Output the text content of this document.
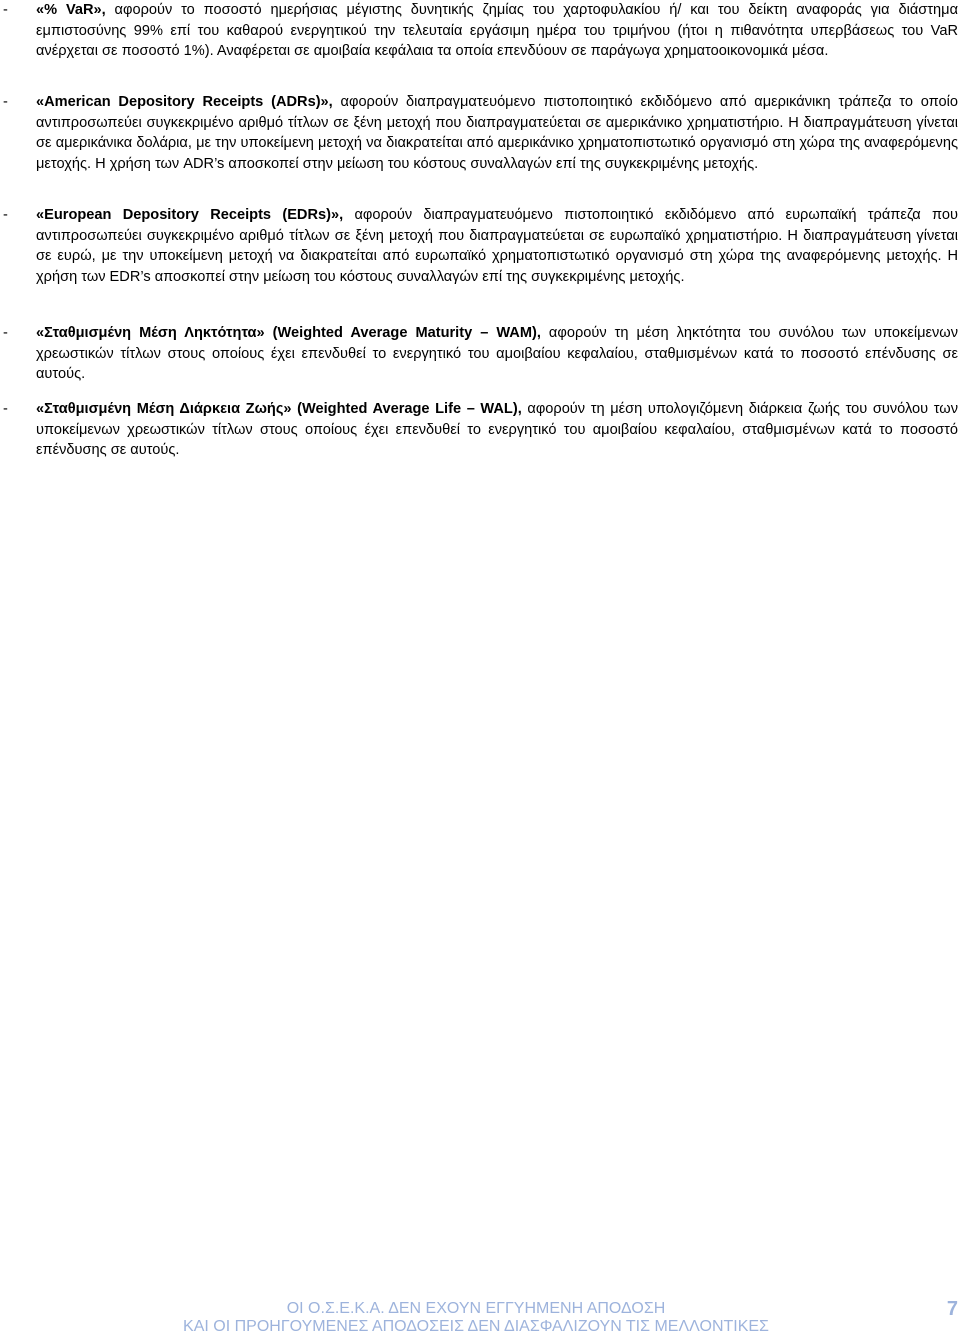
- «% VaR», αφορούν το ποσοστό ημερήσιας μέγιστης δυνητικής ζημίας του χαρτοφυλακίου ή/ και του δείκτη αναφοράς για διάστημα εμπιστοσύνης 99% επί του καθαρού ενεργητικού την τελευταία εργάσιμη ημέρα του τριμήνου (ήτοι η πιθανότητα υπερβάσεως του VaR ανέρχεται σε ποσοστό 1%). Αναφέρεται σε αμοιβαία κεφάλαια τα οποία επενδύουν σε παράγωγα χρηματοοικονομικά μέσα.

- «American Depository Receipts (ADRs)», αφορούν διαπραγματευόμενο πιστοποιητικό εκδιδόμενο από αμερικάνικη τράπεζα το οποίο αντιπροσωπεύει συγκεκριμένο αριθμό τίτλων σε ξένη μετοχή που διαπραγματεύεται σε αμερικάνικο χρηματιστήριο. Η διαπραγμάτευση γίνεται σε αμερικάνικα δολάρια, με την υποκείμενη μετοχή να διακρατείται από αμερικάνικο χρηματοπιστωτικό οργανισμό στη χώρα της αναφερόμενης μετοχής. Η χρήση των ADR’s αποσκοπεί στην μείωση του κόστους συναλλαγών επί της συγκεκριμένης μετοχής.

- «European Depository Receipts (EDRs)», αφορούν διαπραγματευόμενο πιστοποιητικό εκδιδόμενο από ευρωπαϊκή τράπεζα που αντιπροσωπεύει συγκεκριμένο αριθμό τίτλων σε ξένη μετοχή που διαπραγματεύεται σε ευρωπαϊκό χρηματιστήριο. Η διαπραγμάτευση γίνεται σε ευρώ, με την υποκείμενη μετοχή να διακρατείται από ευρωπαϊκό χρηματοπιστωτικό οργανισμό στη χώρα της αναφερόμενης μετοχής. Η χρήση των EDR’s αποσκοπεί στην μείωση του κόστους συναλλαγών επί της συγκεκριμένης μετοχής.

- «Σταθμισμένη Μέση Ληκτότητα» (Weighted Average Maturity – WAM), αφορούν τη μέση ληκτότητα του συνόλου των υποκείμενων χρεωστικών τίτλων στους οποίους έχει επενδυθεί το ενεργητικό του αμοιβαίου κεφαλαίου, σταθμισμένων κατά το ποσοστό επένδυσης σε αυτούς.

- «Σταθμισμένη Μέση Διάρκεια Ζωής» (Weighted Average Life – WAL), αφορούν τη μέση υπολογιζόμενη διάρκεια ζωής του συνόλου των υποκείμενων χρεωστικών τίτλων στους οποίους έχει επενδυθεί το ενεργητικό του αμοιβαίου κεφαλαίου, σταθμισμένων κατά το ποσοστό επένδυσης σε αυτούς.

ΟΙ Ο.Σ.Ε.Κ.Α. ΔΕΝ ΕΧΟΥΝ ΕΓΓΥΗΜΕΝΗ ΑΠΟΔΟΣΗ
ΚΑΙ ΟΙ ΠΡΟΗΓΟΥΜΕΝΕΣ ΑΠΟΔΟΣΕΙΣ ΔΕΝ ΔΙΑΣΦΑΛΙΖΟΥΝ ΤΙΣ ΜΕΛΛΟΝΤΙΚΕΣ
7
